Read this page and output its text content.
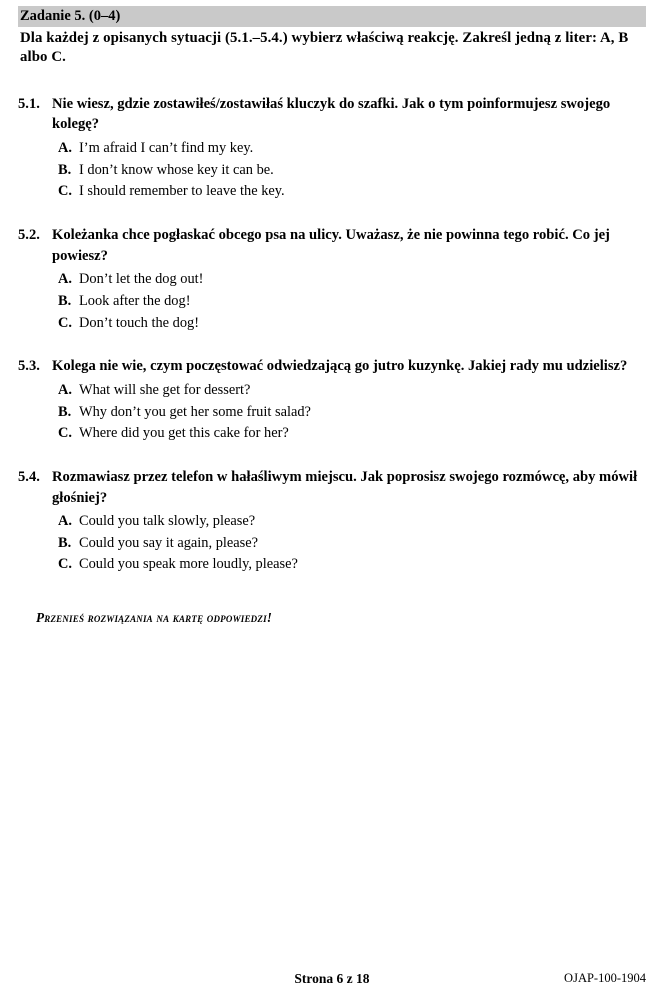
Zadanie 5. (0–4)
Dla każdej z opisanych sytuacji (5.1.–5.4.) wybierz właściwą reakcję. Zakreśl jedną z liter: A, B albo C.
5.1. Nie wiesz, gdzie zostawiłeś/zostawiłaś kluczyk do szafki. Jak o tym poinformujesz swojego kolegę?
A. I’m afraid I can’t find my key.
B. I don’t know whose key it can be.
C. I should remember to leave the key.
5.2. Koleżanka chce pogłaskać obcego psa na ulicy. Uważasz, że nie powinna tego robić. Co jej powiesz?
A. Don’t let the dog out!
B. Look after the dog!
C. Don’t touch the dog!
5.3. Kolega nie wie, czym poczęstować odwiedzającą go jutro kuzynkę. Jakiej rady mu udzielisz?
A. What will she get for dessert?
B. Why don’t you get her some fruit salad?
C. Where did you get this cake for her?
5.4. Rozmawiasz przez telefon w hałaśliwym miejscu. Jak poprosisz swojego rozmówcę, aby mówił głośniej?
A. Could you talk slowly, please?
B. Could you say it again, please?
C. Could you speak more loudly, please?
Przenieś rozwiązania na kartę odpowiedzi!
Strona 6 z 18	OJAP-100-1904
